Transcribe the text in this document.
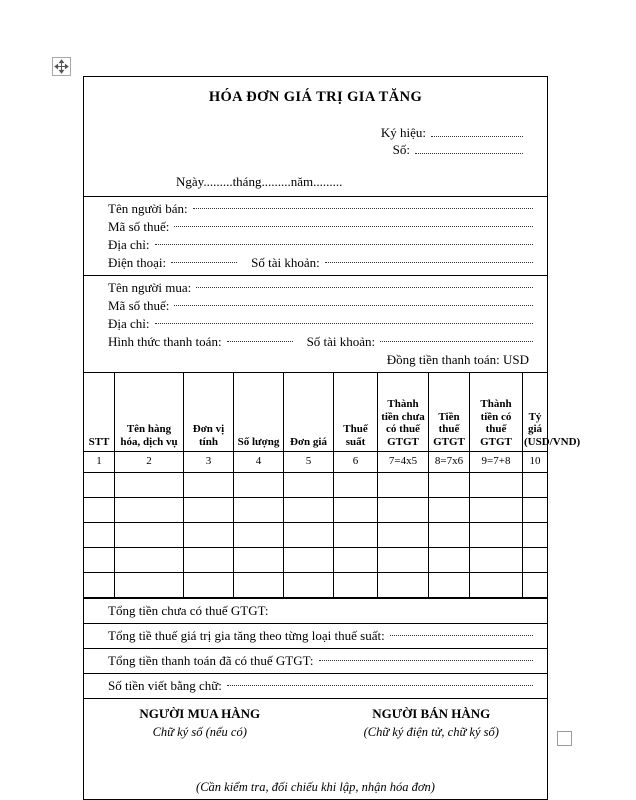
HÓA ĐƠN GIÁ TRỊ GIA TĂNG
Ký hiệu:
Số:
Ngày.........tháng.........năm.........
Tên người bán:
Mã số thuế:
Địa chỉ:
Điện thoại:	Số tài khoản:
Tên người mua:
Mã số thuế:
Địa chỉ:
Hình thức thanh toán:	Số tài khoản:
Đồng tiền thanh toán: USD
STT	Tên hàng hóa, dịch vụ	Đơn vị tính	Số lượng	Đơn giá	Thuế suất	Thành tiền chưa có thuế GTGT	Tiền thuế GTGT	Thành tiền có thuế GTGT	Tỷ giá (USD/VND)
1	2	3	4	5	6	7=4x5	8=7x6	9=7+8	10

Tổng tiền chưa có thuế GTGT:
Tổng tiề thuế giá trị gia tăng theo từng loại thuế suất:
Tổng tiền thanh toán đã có thuế GTGT:
Số tiền viết bằng chữ:
NGƯỜI MUA HÀNG
Chữ ký số (nếu có)
NGƯỜI BÁN HÀNG
(Chữ ký điện tử, chữ ký số)
(Cần kiểm tra, đối chiếu khi lập, nhận hóa đơn)
